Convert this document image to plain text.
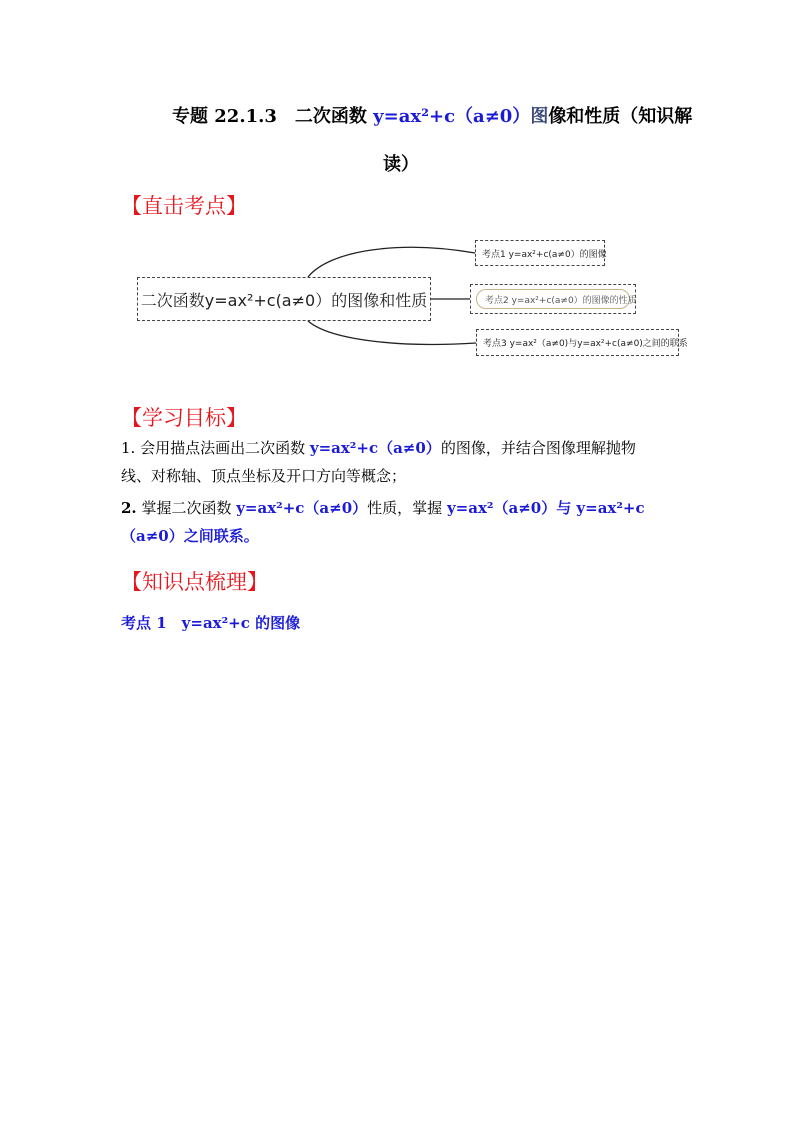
专题 22.1.3　二次函数 y=ax²+c（a≠0）图像和性质（知识解
读）
【直击考点】
二次函数y=ax²+c(a≠0）的图像和性质
考点1 y=ax²+c(a≠0）的图像
考点2 y=ax²+c(a≠0）的图像的性质
考点3 y=ax²（a≠0)与y=ax²+c(a≠0)之间的联系
【学习目标】
1. 会用描点法画出二次函数 y=ax²+c（a≠0）的图像，并结合图像理解抛物
线、对称轴、顶点坐标及开口方向等概念；
2. 掌握二次函数 y=ax²+c（a≠0）性质，掌握 y=ax²（a≠0）与 y=ax²+c
（a≠0）之间联系。
【知识点梳理】
考点 1　y=ax²+c 的图像
